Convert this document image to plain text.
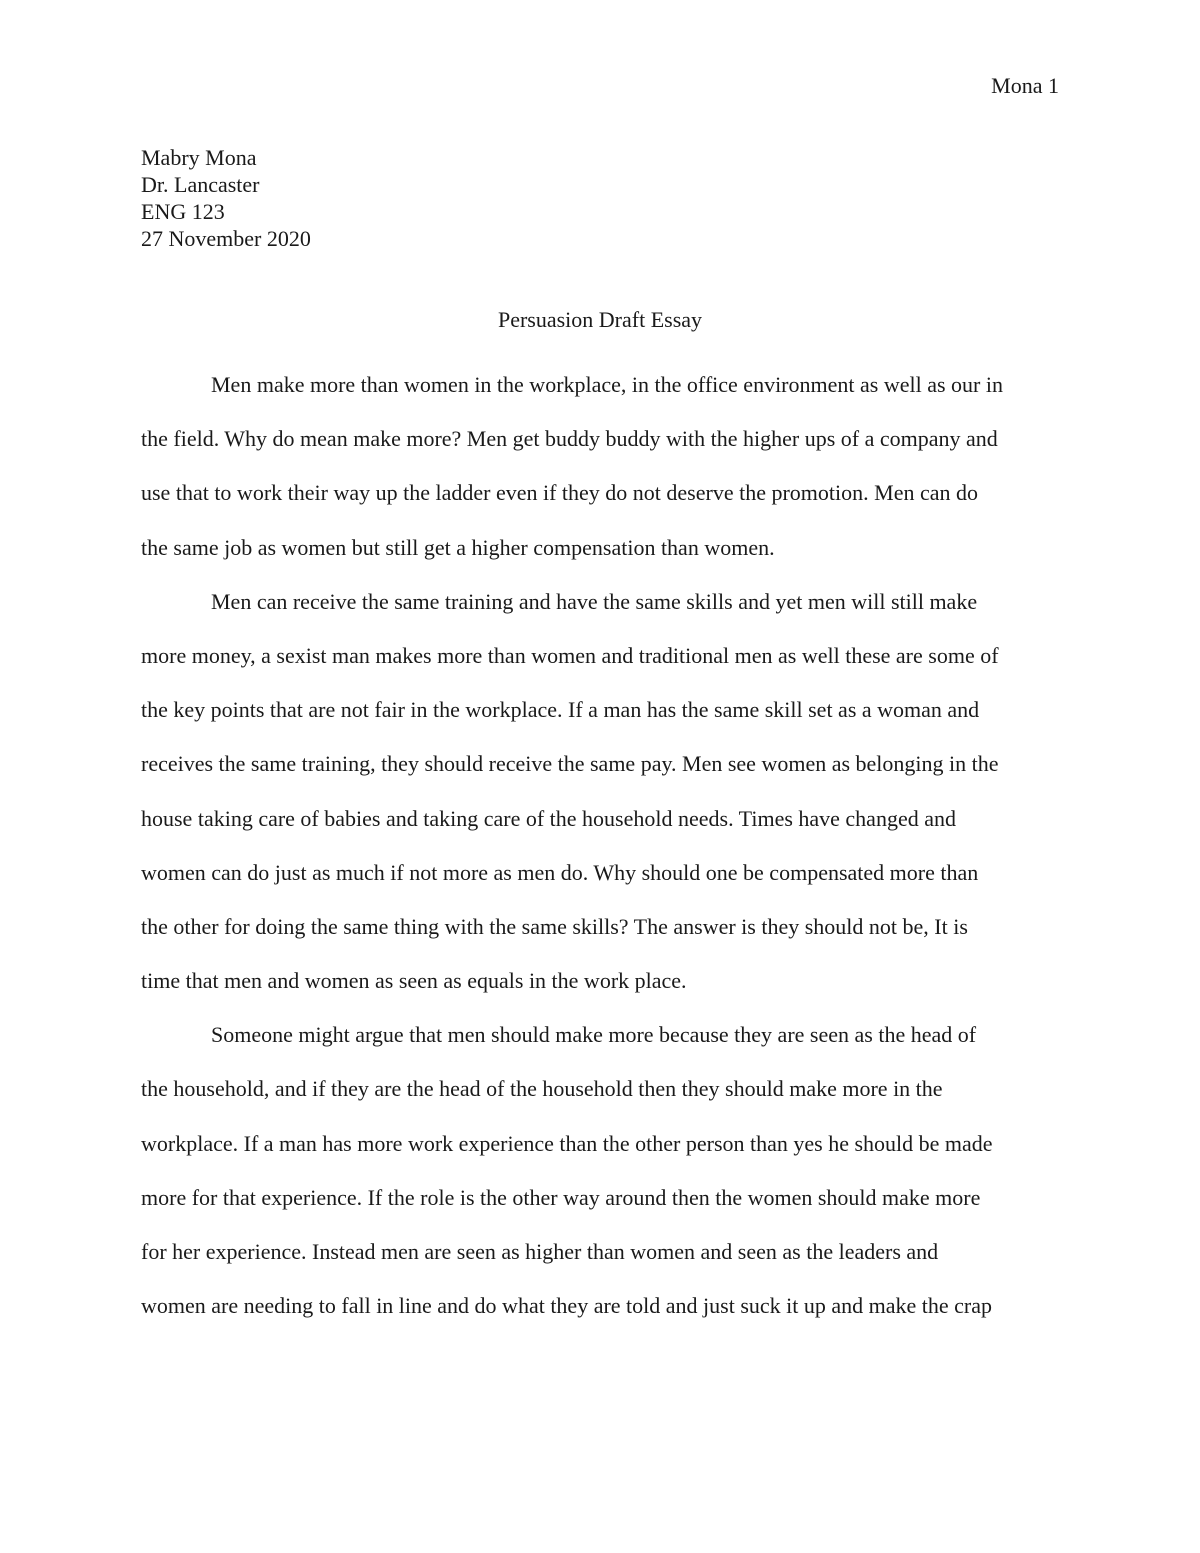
Mona 1

Mabry Mona

Dr. Lancaster

ENG 123

27 November 2020

Persuasion Draft Essay
Men make more than women in the workplace, in the office environment as well as our in
the field. Why do mean make more? Men get buddy buddy with the higher ups of a company and
use that to work their way up the ladder even if they do not deserve the promotion. Men can do
the same job as women but still get a higher compensation than women.
Men can receive the same training and have the same skills and yet men will still make
more money, a sexist man makes more than women and traditional men as well these are some of
the key points that are not fair in the workplace. If a man has the same skill set as a woman and
receives the same training, they should receive the same pay. Men see women as belonging in the
house taking care of babies and taking care of the household needs. Times have changed and
women can do just as much if not more as men do. Why should one be compensated more than
the other for doing the same thing with the same skills? The answer is they should not be, It is
time that men and women as seen as equals in the work place.
Someone might argue that men should make more because they are seen as the head of
the household, and if they are the head of the household then they should make more in the
workplace. If a man has more work experience than the other person than yes he should be made
more for that experience. If the role is the other way around then the women should make more
for her experience. Instead men are seen as higher than women and seen as the leaders and
women are needing to fall in line and do what they are told and just suck it up and make the crap
